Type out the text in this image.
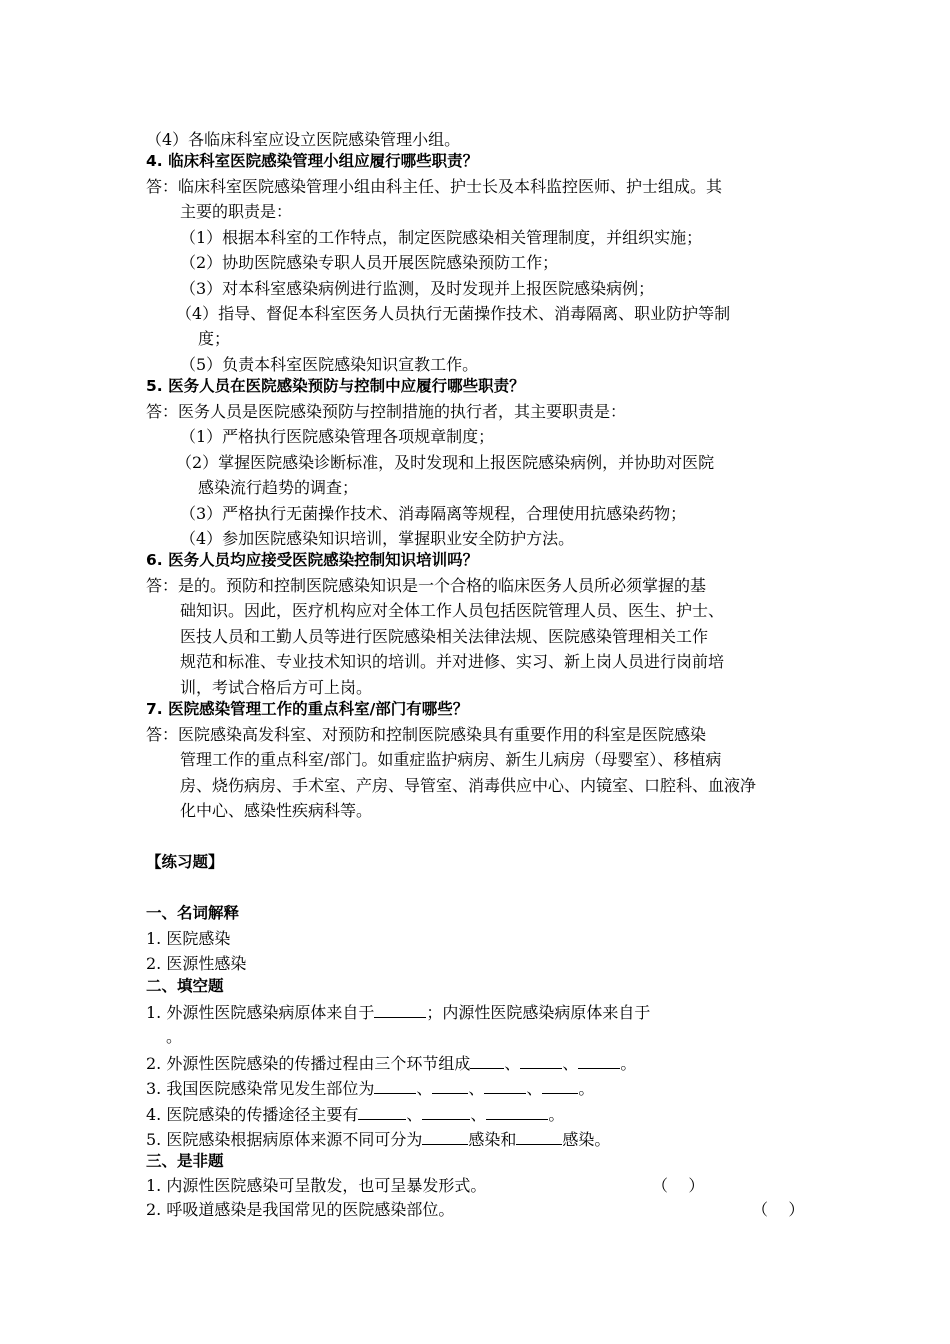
（4）各临床科室应设立医院感染管理小组。
4. 临床科室医院感染管理小组应履行哪些职责？
答：临床科室医院感染管理小组由科主任、护士长及本科监控医师、护士组成。其
主要的职责是：
（1）根据本科室的工作特点，制定医院感染相关管理制度，并组织实施；
（2）协助医院感染专职人员开展医院感染预防工作；
（3）对本科室感染病例进行监测，及时发现并上报医院感染病例；
（4）指导、督促本科室医务人员执行无菌操作技术、消毒隔离、职业防护等制
度；
（5）负责本科室医院感染知识宣教工作。
5. 医务人员在医院感染预防与控制中应履行哪些职责？
答：医务人员是医院感染预防与控制措施的执行者，其主要职责是：
（1）严格执行医院感染管理各项规章制度；
（2）掌握医院感染诊断标准，及时发现和上报医院感染病例，并协助对医院
感染流行趋势的调查；
（3）严格执行无菌操作技术、消毒隔离等规程，合理使用抗感染药物；
（4）参加医院感染知识培训，掌握职业安全防护方法。
6. 医务人员均应接受医院感染控制知识培训吗？
答：是的。预防和控制医院感染知识是一个合格的临床医务人员所必须掌握的基
础知识。因此，医疗机构应对全体工作人员包括医院管理人员、医生、护士、
医技人员和工勤人员等进行医院感染相关法律法规、医院感染管理相关工作
规范和标准、专业技术知识的培训。并对进修、实习、新上岗人员进行岗前培
训，考试合格后方可上岗。
7. 医院感染管理工作的重点科室/部门有哪些？
答：医院感染高发科室、对预防和控制医院感染具有重要作用的科室是医院感染
管理工作的重点科室/部门。如重症监护病房、新生儿病房（母婴室）、移植病
房、烧伤病房、手术室、产房、导管室、消毒供应中心、内镜室、口腔科、血液净
化中心、感染性疾病科等。
【练习题】
一、名词解释
1. 医院感染
2. 医源性感染
二、填空题
1. 外源性医院感染病原体来自于	；内源性医院感染病原体来自于
。
2. 外源性医院感染的传播过程由三个环节组成 、	、	。
3. 我国医院感染常见发生部位为	、 、	、 。
4. 医院感染的传播途径主要有	、	、	。
5. 医院感染根据病原体来源不同可分为	感染和	感染。
三、是非题
1. 内源性医院感染可呈散发，也可呈暴发形式。	（    ）
2. 呼吸道感染是我国常见的医院感染部位。	（    ）
